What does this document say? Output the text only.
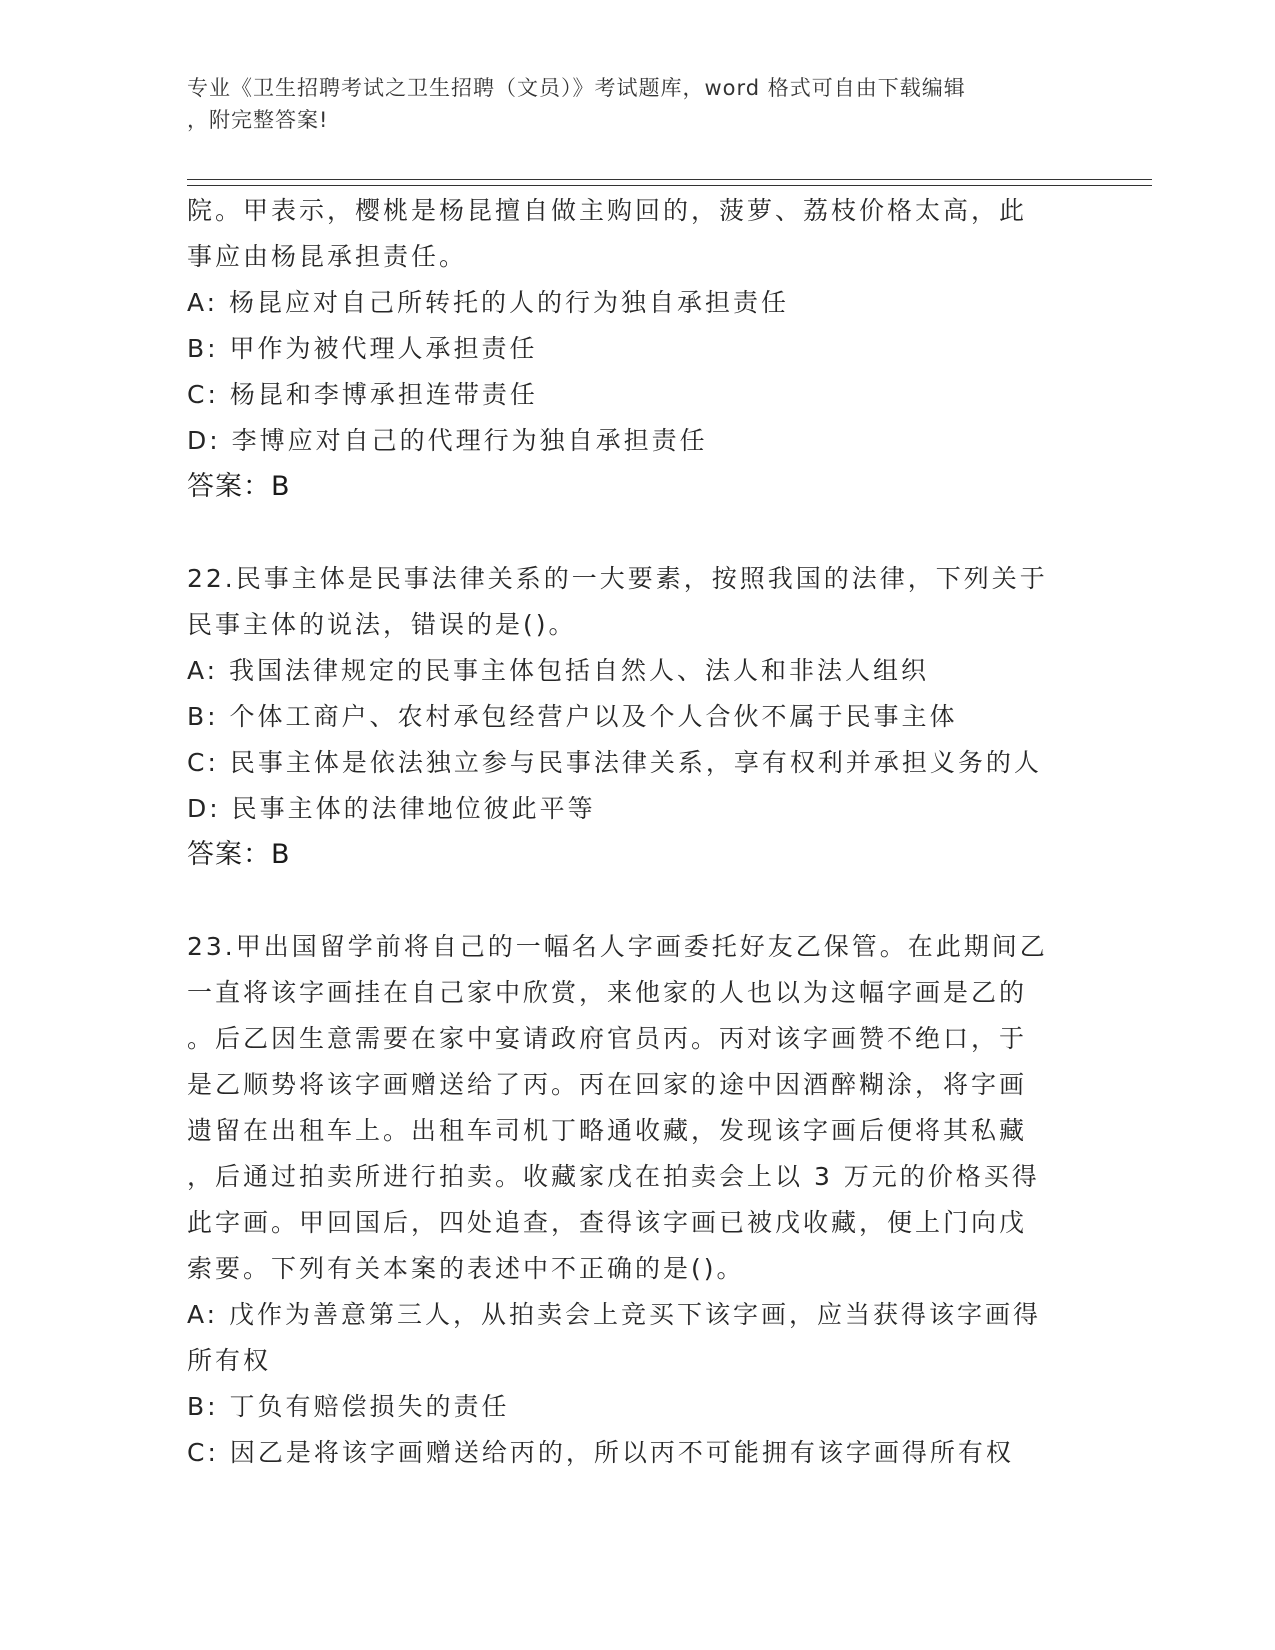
专业《卫生招聘考试之卫生招聘（文员）》考试题库，word 格式可自由下载编辑
，附完整答案!
院。甲表示，樱桃是杨昆擅自做主购回的，菠萝、荔枝价格太高，此
事应由杨昆承担责任。
A: 杨昆应对自己所转托的人的行为独自承担责任
B: 甲作为被代理人承担责任
C: 杨昆和李博承担连带责任
D: 李博应对自己的代理行为独自承担责任
答案：B
22.民事主体是民事法律关系的一大要素，按照我国的法律，下列关于
民事主体的说法，错误的是()。
A: 我国法律规定的民事主体包括自然人、法人和非法人组织
B: 个体工商户、农村承包经营户以及个人合伙不属于民事主体
C: 民事主体是依法独立参与民事法律关系，享有权利并承担义务的人
D: 民事主体的法律地位彼此平等
答案：B
23.甲出国留学前将自己的一幅名人字画委托好友乙保管。在此期间乙
一直将该字画挂在自己家中欣赏，来他家的人也以为这幅字画是乙的
。后乙因生意需要在家中宴请政府官员丙。丙对该字画赞不绝口，于
是乙顺势将该字画赠送给了丙。丙在回家的途中因酒醉糊涂，将字画
遗留在出租车上。出租车司机丁略通收藏，发现该字画后便将其私藏
，后通过拍卖所进行拍卖。收藏家戊在拍卖会上以 3 万元的价格买得
此字画。甲回国后，四处追查，查得该字画已被戊收藏，便上门向戊
索要。下列有关本案的表述中不正确的是()。
A: 戊作为善意第三人，从拍卖会上竞买下该字画，应当获得该字画得
所有权
B: 丁负有赔偿损失的责任
C: 因乙是将该字画赠送给丙的，所以丙不可能拥有该字画得所有权
